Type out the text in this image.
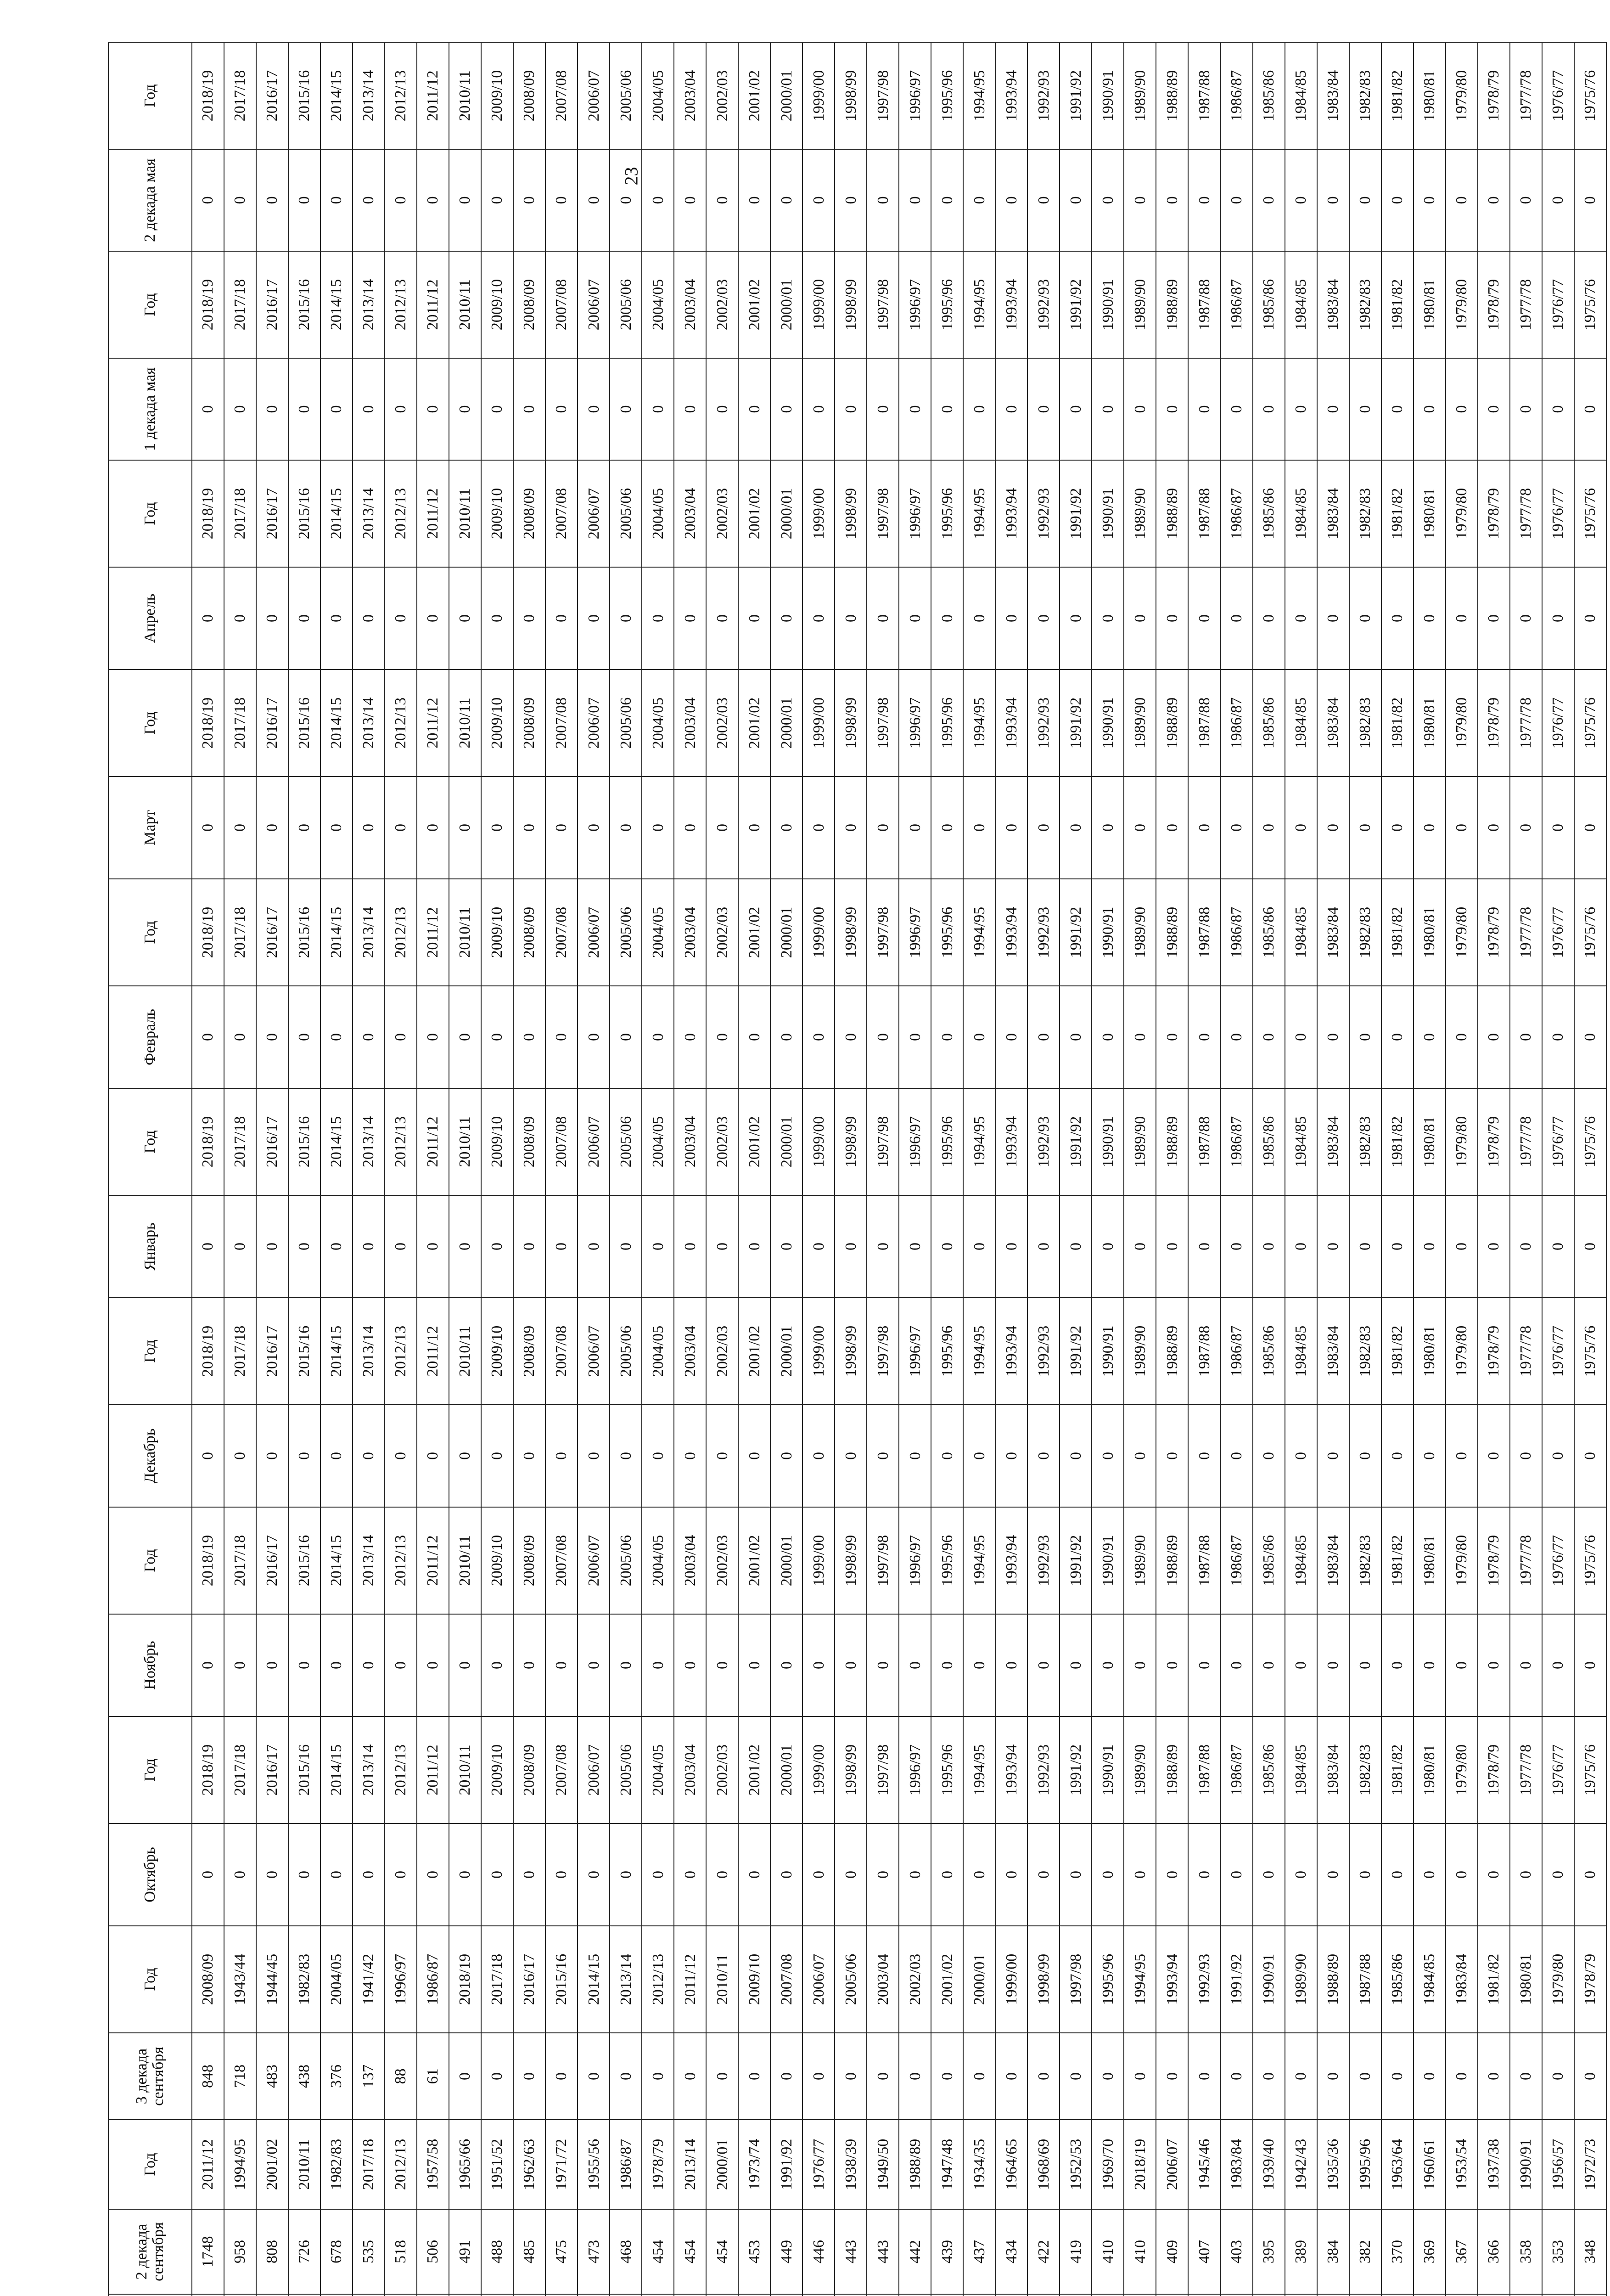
23
	2 декада сентября	Год	3 декада сентября	Год	Октябрь	Год	Ноябрь	Год	Декабрь	Год	Январь	Год	Февраль	Год	Март	Год	Апрель	Год	1 декада мая	Год	2 декада мая	Год
	1748	2011/12	848	2008/09	0	2018/19	0	2018/19	0	2018/19	0	2018/19	0	2018/19	0	2018/19	0	2018/19	0	2018/19	0	2018/19
	958	1994/95	718	1943/44	0	2017/18	0	2017/18	0	2017/18	0	2017/18	0	2017/18	0	2017/18	0	2017/18	0	2017/18	0	2017/18
	808	2001/02	483	1944/45	0	2016/17	0	2016/17	0	2016/17	0	2016/17	0	2016/17	0	2016/17	0	2016/17	0	2016/17	0	2016/17
	726	2010/11	438	1982/83	0	2015/16	0	2015/16	0	2015/16	0	2015/16	0	2015/16	0	2015/16	0	2015/16	0	2015/16	0	2015/16
	678	1982/83	376	2004/05	0	2014/15	0	2014/15	0	2014/15	0	2014/15	0	2014/15	0	2014/15	0	2014/15	0	2014/15	0	2014/15
	535	2017/18	137	1941/42	0	2013/14	0	2013/14	0	2013/14	0	2013/14	0	2013/14	0	2013/14	0	2013/14	0	2013/14	0	2013/14
	518	2012/13	88	1996/97	0	2012/13	0	2012/13	0	2012/13	0	2012/13	0	2012/13	0	2012/13	0	2012/13	0	2012/13	0	2012/13
	506	1957/58	61	1986/87	0	2011/12	0	2011/12	0	2011/12	0	2011/12	0	2011/12	0	2011/12	0	2011/12	0	2011/12	0	2011/12
	491	1965/66	0	2018/19	0	2010/11	0	2010/11	0	2010/11	0	2010/11	0	2010/11	0	2010/11	0	2010/11	0	2010/11	0	2010/11
	488	1951/52	0	2017/18	0	2009/10	0	2009/10	0	2009/10	0	2009/10	0	2009/10	0	2009/10	0	2009/10	0	2009/10	0	2009/10
	485	1962/63	0	2016/17	0	2008/09	0	2008/09	0	2008/09	0	2008/09	0	2008/09	0	2008/09	0	2008/09	0	2008/09	0	2008/09
	475	1971/72	0	2015/16	0	2007/08	0	2007/08	0	2007/08	0	2007/08	0	2007/08	0	2007/08	0	2007/08	0	2007/08	0	2007/08
	473	1955/56	0	2014/15	0	2006/07	0	2006/07	0	2006/07	0	2006/07	0	2006/07	0	2006/07	0	2006/07	0	2006/07	0	2006/07
	468	1986/87	0	2013/14	0	2005/06	0	2005/06	0	2005/06	0	2005/06	0	2005/06	0	2005/06	0	2005/06	0	2005/06	0	2005/06
	454	1978/79	0	2012/13	0	2004/05	0	2004/05	0	2004/05	0	2004/05	0	2004/05	0	2004/05	0	2004/05	0	2004/05	0	2004/05
	454	2013/14	0	2011/12	0	2003/04	0	2003/04	0	2003/04	0	2003/04	0	2003/04	0	2003/04	0	2003/04	0	2003/04	0	2003/04
	454	2000/01	0	2010/11	0	2002/03	0	2002/03	0	2002/03	0	2002/03	0	2002/03	0	2002/03	0	2002/03	0	2002/03	0	2002/03
	453	1973/74	0	2009/10	0	2001/02	0	2001/02	0	2001/02	0	2001/02	0	2001/02	0	2001/02	0	2001/02	0	2001/02	0	2001/02
	449	1991/92	0	2007/08	0	2000/01	0	2000/01	0	2000/01	0	2000/01	0	2000/01	0	2000/01	0	2000/01	0	2000/01	0	2000/01
	446	1976/77	0	2006/07	0	1999/00	0	1999/00	0	1999/00	0	1999/00	0	1999/00	0	1999/00	0	1999/00	0	1999/00	0	1999/00
	443	1938/39	0	2005/06	0	1998/99	0	1998/99	0	1998/99	0	1998/99	0	1998/99	0	1998/99	0	1998/99	0	1998/99	0	1998/99
	443	1949/50	0	2003/04	0	1997/98	0	1997/98	0	1997/98	0	1997/98	0	1997/98	0	1997/98	0	1997/98	0	1997/98	0	1997/98
	442	1988/89	0	2002/03	0	1996/97	0	1996/97	0	1996/97	0	1996/97	0	1996/97	0	1996/97	0	1996/97	0	1996/97	0	1996/97
	439	1947/48	0	2001/02	0	1995/96	0	1995/96	0	1995/96	0	1995/96	0	1995/96	0	1995/96	0	1995/96	0	1995/96	0	1995/96
	437	1934/35	0	2000/01	0	1994/95	0	1994/95	0	1994/95	0	1994/95	0	1994/95	0	1994/95	0	1994/95	0	1994/95	0	1994/95
	434	1964/65	0	1999/00	0	1993/94	0	1993/94	0	1993/94	0	1993/94	0	1993/94	0	1993/94	0	1993/94	0	1993/94	0	1993/94
	422	1968/69	0	1998/99	0	1992/93	0	1992/93	0	1992/93	0	1992/93	0	1992/93	0	1992/93	0	1992/93	0	1992/93	0	1992/93
	419	1952/53	0	1997/98	0	1991/92	0	1991/92	0	1991/92	0	1991/92	0	1991/92	0	1991/92	0	1991/92	0	1991/92	0	1991/92
	410	1969/70	0	1995/96	0	1990/91	0	1990/91	0	1990/91	0	1990/91	0	1990/91	0	1990/91	0	1990/91	0	1990/91	0	1990/91
	410	2018/19	0	1994/95	0	1989/90	0	1989/90	0	1989/90	0	1989/90	0	1989/90	0	1989/90	0	1989/90	0	1989/90	0	1989/90
	409	2006/07	0	1993/94	0	1988/89	0	1988/89	0	1988/89	0	1988/89	0	1988/89	0	1988/89	0	1988/89	0	1988/89	0	1988/89
	407	1945/46	0	1992/93	0	1987/88	0	1987/88	0	1987/88	0	1987/88	0	1987/88	0	1987/88	0	1987/88	0	1987/88	0	1987/88
	403	1983/84	0	1991/92	0	1986/87	0	1986/87	0	1986/87	0	1986/87	0	1986/87	0	1986/87	0	1986/87	0	1986/87	0	1986/87
	395	1939/40	0	1990/91	0	1985/86	0	1985/86	0	1985/86	0	1985/86	0	1985/86	0	1985/86	0	1985/86	0	1985/86	0	1985/86
	389	1942/43	0	1989/90	0	1984/85	0	1984/85	0	1984/85	0	1984/85	0	1984/85	0	1984/85	0	1984/85	0	1984/85	0	1984/85
	384	1935/36	0	1988/89	0	1983/84	0	1983/84	0	1983/84	0	1983/84	0	1983/84	0	1983/84	0	1983/84	0	1983/84	0	1983/84
	382	1995/96	0	1987/88	0	1982/83	0	1982/83	0	1982/83	0	1982/83	0	1982/83	0	1982/83	0	1982/83	0	1982/83	0	1982/83
	370	1963/64	0	1985/86	0	1981/82	0	1981/82	0	1981/82	0	1981/82	0	1981/82	0	1981/82	0	1981/82	0	1981/82	0	1981/82
	369	1960/61	0	1984/85	0	1980/81	0	1980/81	0	1980/81	0	1980/81	0	1980/81	0	1980/81	0	1980/81	0	1980/81	0	1980/81
	367	1953/54	0	1983/84	0	1979/80	0	1979/80	0	1979/80	0	1979/80	0	1979/80	0	1979/80	0	1979/80	0	1979/80	0	1979/80
	366	1937/38	0	1981/82	0	1978/79	0	1978/79	0	1978/79	0	1978/79	0	1978/79	0	1978/79	0	1978/79	0	1978/79	0	1978/79
	358	1990/91	0	1980/81	0	1977/78	0	1977/78	0	1977/78	0	1977/78	0	1977/78	0	1977/78	0	1977/78	0	1977/78	0	1977/78
	353	1956/57	0	1979/80	0	1976/77	0	1976/77	0	1976/77	0	1976/77	0	1976/77	0	1976/77	0	1976/77	0	1976/77	0	1976/77
	348	1972/73	0	1978/79	0	1975/76	0	1975/76	0	1975/76	0	1975/76	0	1975/76	0	1975/76	0	1975/76	0	1975/76	0	1975/76
